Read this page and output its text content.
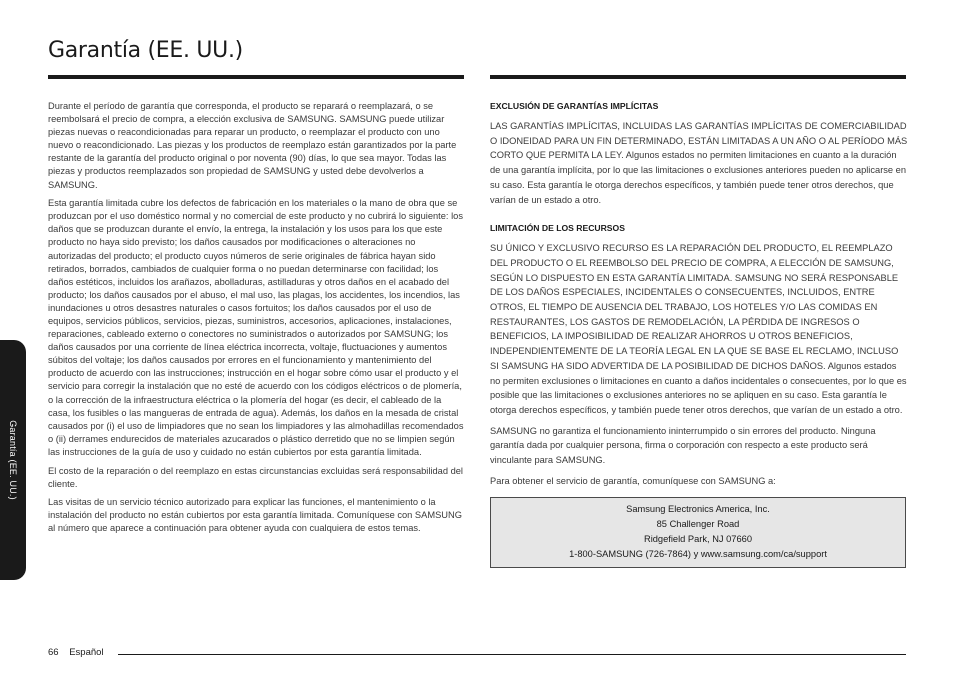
Garantía (EE. UU.)

Durante el período de garantía que corresponda, el producto se reparará o reemplazará, o se reembolsará el precio de compra, a elección exclusiva de SAMSUNG. SAMSUNG puede utilizar piezas nuevas o reacondicionadas para reparar un producto, o reemplazar el producto con uno nuevo o reacondicionado. Las piezas y los productos de reemplazo están garantizados por la parte restante de la garantía del producto original o por noventa (90) días, lo que sea mayor. Todas las piezas y productos reemplazados son propiedad de SAMSUNG y usted debe devolverlos a SAMSUNG.

Esta garantía limitada cubre los defectos de fabricación en los materiales o la mano de obra que se produzcan por el uso doméstico normal y no comercial de este producto y no cubrirá lo siguiente: los daños que se produzcan durante el envío, la entrega, la instalación y los usos para los que este producto no haya sido previsto; los daños causados por modificaciones o alteraciones no autorizadas del producto; el producto cuyos números de serie originales de fábrica hayan sido retirados, borrados, cambiados de cualquier forma o no puedan determinarse con facilidad; los daños estéticos, incluidos los arañazos, abolladuras, astilladuras y otros daños en el acabado del producto; los daños causados por el abuso, el mal uso, las plagas, los accidentes, los incendios, las inundaciones u otros desastres naturales o casos fortuitos; los daños causados por el uso de equipos, servicios públicos, servicios, piezas, suministros, accesorios, aplicaciones, instalaciones, reparaciones, cableado externo o conectores no suministrados o autorizados por SAMSUNG; los daños causados por una corriente de línea eléctrica incorrecta, voltaje, fluctuaciones y aumentos súbitos del voltaje; los daños causados por errores en el funcionamiento y mantenimiento del producto de acuerdo con las instrucciones; instrucción en el hogar sobre cómo usar el producto y el servicio para corregir la instalación que no esté de acuerdo con los códigos eléctricos o de plomería, o la corrección de la infraestructura eléctrica o la plomería del hogar (es decir, el cableado de la casa, los fusibles o las mangueras de entrada de agua). Además, los daños en la mesada de cristal causados por (i) el uso de limpiadores que no sean los limpiadores y las almohadillas recomendados o (ii) derrames endurecidos de materiales azucarados o plástico derretido que no se limpien según las instrucciones de la guía de uso y cuidado no están cubiertos por esta garantía limitada.

El costo de la reparación o del reemplazo en estas circunstancias excluidas será responsabilidad del cliente.

Las visitas de un servicio técnico autorizado para explicar las funciones, el mantenimiento o la instalación del producto no están cubiertos por esta garantía limitada. Comuníquese con SAMSUNG al número que aparece a continuación para obtener ayuda con cualquiera de estos temas.

EXCLUSIÓN DE GARANTÍAS IMPLÍCITAS

LAS GARANTÍAS IMPLÍCITAS, INCLUIDAS LAS GARANTÍAS IMPLÍCITAS DE COMERCIABILIDAD O IDONEIDAD PARA UN FIN DETERMINADO, ESTÁN LIMITADAS A UN AÑO O AL PERÍODO MÁS CORTO QUE PERMITA LA LEY. Algunos estados no permiten limitaciones en cuanto a la duración de una garantía implícita, por lo que las limitaciones o exclusiones anteriores pueden no aplicarse en su caso. Esta garantía le otorga derechos específicos, y también puede tener otros derechos, que varían de un estado a otro.

LIMITACIÓN DE LOS RECURSOS

SU ÚNICO Y EXCLUSIVO RECURSO ES LA REPARACIÓN DEL PRODUCTO, EL REEMPLAZO DEL PRODUCTO O EL REEMBOLSO DEL PRECIO DE COMPRA, A ELECCIÓN DE SAMSUNG, SEGÚN LO DISPUESTO EN ESTA GARANTÍA LIMITADA. SAMSUNG NO SERÁ RESPONSABLE DE LOS DAÑOS ESPECIALES, INCIDENTALES O CONSECUENTES, INCLUIDOS, ENTRE OTROS, EL TIEMPO DE AUSENCIA DEL TRABAJO, LOS HOTELES Y/O LAS COMIDAS EN RESTAURANTES, LOS GASTOS DE REMODELACIÓN, LA PÉRDIDA DE INGRESOS O BENEFICIOS, LA IMPOSIBILIDAD DE REALIZAR AHORROS U OTROS BENEFICIOS, INDEPENDIENTEMENTE DE LA TEORÍA LEGAL EN LA QUE SE BASE EL RECLAMO, INCLUSO SI SAMSUNG HA SIDO ADVERTIDA DE LA POSIBILIDAD DE DICHOS DAÑOS. Algunos estados no permiten exclusiones o limitaciones en cuanto a daños incidentales o consecuentes, por lo que es posible que las limitaciones o exclusiones anteriores no se apliquen en su caso. Esta garantía le otorga derechos específicos, y también puede tener otros derechos, que varían de un estado a otro.

SAMSUNG no garantiza el funcionamiento ininterrumpido o sin errores del producto. Ninguna garantía dada por cualquier persona, firma o corporación con respecto a este producto será vinculante para SAMSUNG.

Para obtener el servicio de garantía, comuníquese con SAMSUNG a:

Samsung Electronics America, Inc.
85 Challenger Road
Ridgefield Park, NJ 07660
1-800-SAMSUNG (726-7864) y www.samsung.com/ca/support
Garantía (EE. UU.)
66 Español
